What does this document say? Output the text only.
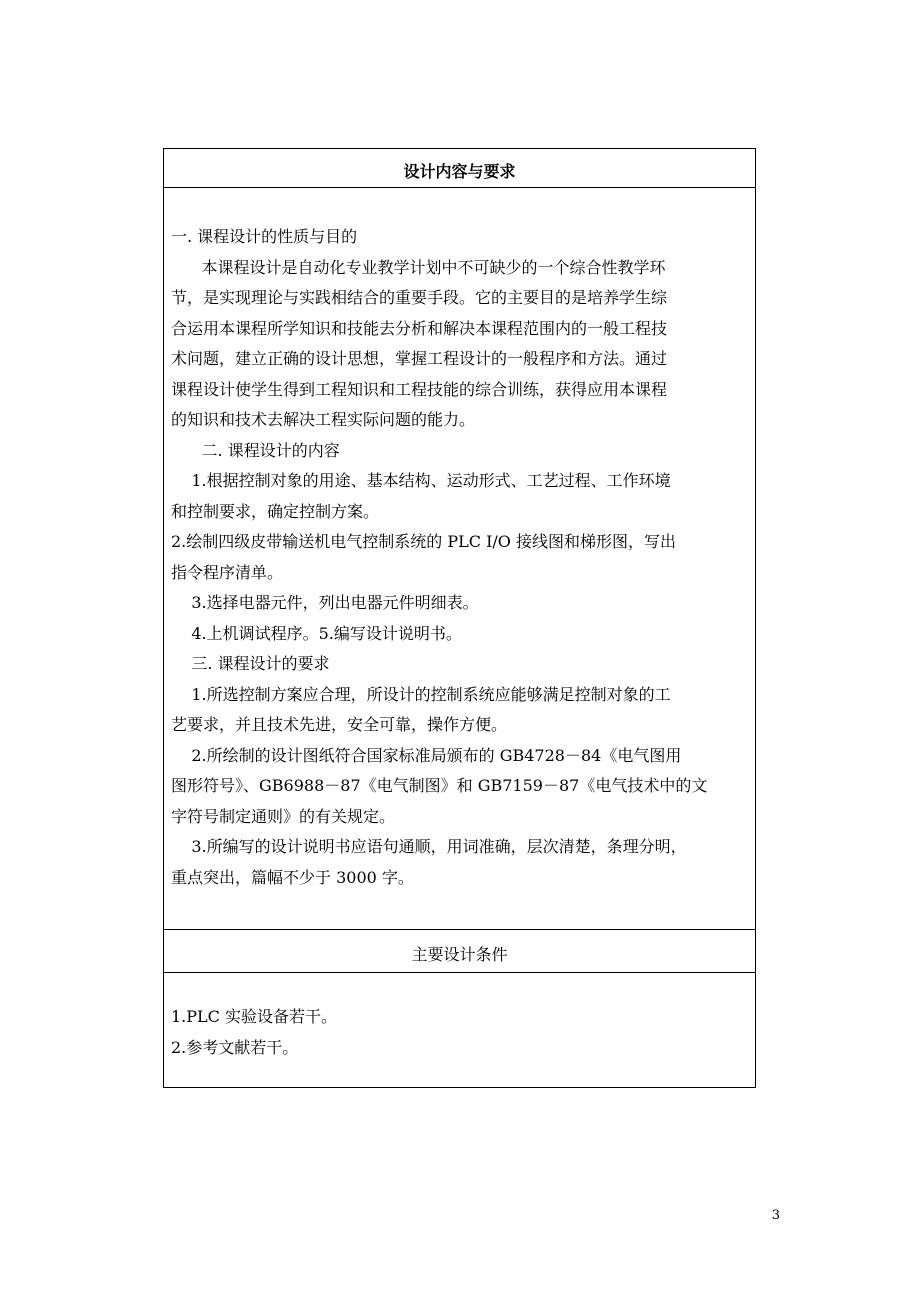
设计内容与要求
一. 课程设计的性质与目的
本课程设计是自动化专业教学计划中不可缺少的一个综合性教学环
节，是实现理论与实践相结合的重要手段。它的主要目的是培养学生综
合运用本课程所学知识和技能去分析和解决本课程范围内的一般工程技
术问题，建立正确的设计思想，掌握工程设计的一般程序和方法。通过
课程设计使学生得到工程知识和工程技能的综合训练，获得应用本课程
的知识和技术去解决工程实际问题的能力。
二. 课程设计的内容
1.根据控制对象的用途、基本结构、运动形式、工艺过程、工作环境
和控制要求，确定控制方案。
2.绘制四级皮带输送机电气控制系统的 PLC I/O 接线图和梯形图，写出
指令程序清单。
3.选择电器元件，列出电器元件明细表。
4.上机调试程序。5.编写设计说明书。
三. 课程设计的要求
1.所选控制方案应合理，所设计的控制系统应能够满足控制对象的工
艺要求，并且技术先进，安全可靠，操作方便。
2.所绘制的设计图纸符合国家标准局颁布的 GB4728－84《电气图用
图形符号》、GB6988－87《电气制图》和 GB7159－87《电气技术中的文
字符号制定通则》的有关规定。
3.所编写的设计说明书应语句通顺，用词准确，层次清楚，条理分明，
重点突出，篇幅不少于 3000 字。
主要设计条件
1.PLC 实验设备若干。
2.参考文献若干。
3
